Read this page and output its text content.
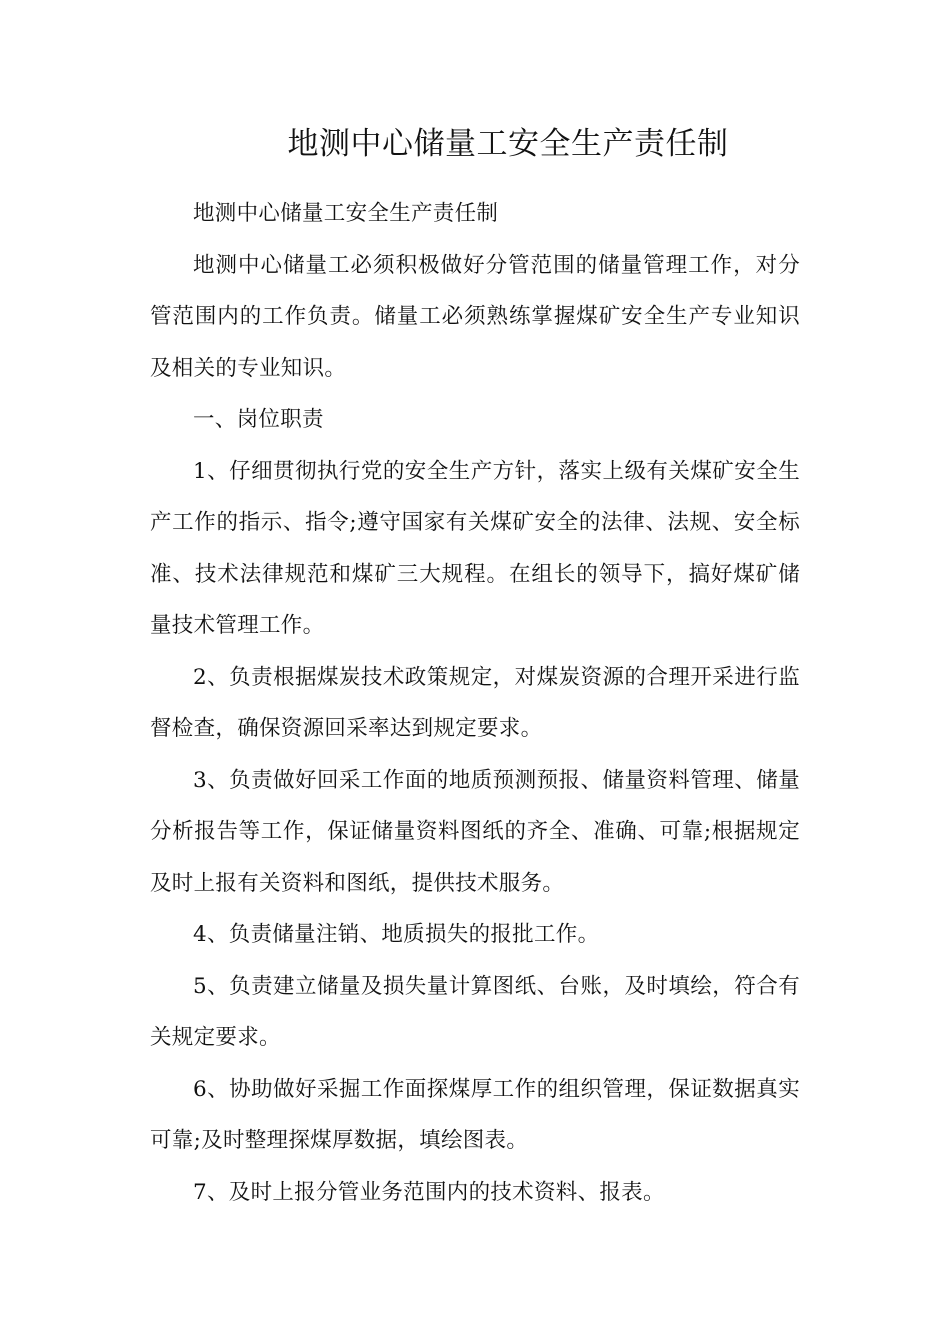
地测中心储量工安全生产责任制

地测中心储量工安全生产责任制

地测中心储量工必须积极做好分管范围的储量管理工作，对分管范围内的工作负责。储量工必须熟练掌握煤矿安全生产专业知识及相关的专业知识。

一、岗位职责

1、仔细贯彻执行党的安全生产方针，落实上级有关煤矿安全生产工作的指示、指令;遵守国家有关煤矿安全的法律、法规、安全标准、技术法律规范和煤矿三大规程。在组长的领导下，搞好煤矿储量技术管理工作。

2、负责根据煤炭技术政策规定，对煤炭资源的合理开采进行监督检查，确保资源回采率达到规定要求。

3、负责做好回采工作面的地质预测预报、储量资料管理、储量分析报告等工作，保证储量资料图纸的齐全、准确、可靠;根据规定及时上报有关资料和图纸，提供技术服务。

4、负责储量注销、地质损失的报批工作。

5、负责建立储量及损失量计算图纸、台账，及时填绘，符合有关规定要求。

6、协助做好采掘工作面探煤厚工作的组织管理，保证数据真实可靠;及时整理探煤厚数据，填绘图表。

7、及时上报分管业务范围内的技术资料、报表。
